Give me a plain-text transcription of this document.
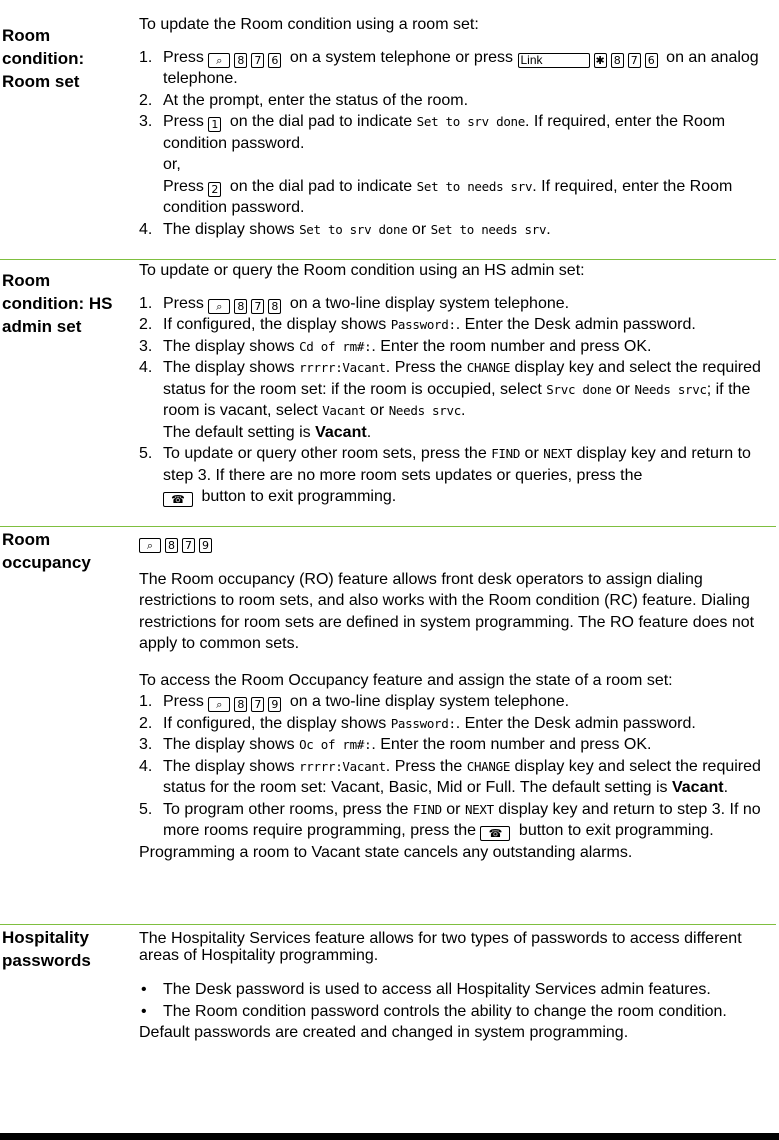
Room condition: Room set

To update the Room condition using a room set:

1. Press ⌕ 8 7 6 on a system telephone or press Link	✱ 8 7 6 on an analog telephone.
2. At the prompt, enter the status of the room.
3. Press 1 on the dial pad to indicate Set to srv done. If required, enter the Room condition password.
or,
Press 2 on the dial pad to indicate Set to needs srv. If required, enter the Room condition password.
4. The display shows Set to srv done or Set to needs srv.
Room condition: HS admin set

To update or query the Room condition using an HS admin set:

1. Press ⌕ 8 7 8 on a two-line display system telephone.
2. If configured, the display shows Password:. Enter the Desk admin password.
3. The display shows Cd of rm#:. Enter the room number and press OK.
4. The display shows rrrrr:Vacant. Press the CHANGE display key and select the required status for the room set: if the room is occupied, select Srvc done or Needs srvc; if the room is vacant, select Vacant or Needs srvc.
The default setting is Vacant.
5. To update or query other room sets, press the FIND or NEXT display key and return to step 3. If there are no more room sets updates or queries, press the
☎ button to exit programming.
Room occupancy
⌕ 8 7 9

The Room occupancy (RO) feature allows front desk operators to assign dialing restrictions to room sets, and also works with the Room condition (RC) feature. Dialing restrictions for room sets are defined in system programming. The RO feature does not apply to common sets.

To access the Room Occupancy feature and assign the state of a room set:

1. Press ⌕ 8 7 9 on a two-line display system telephone.
2. If configured, the display shows Password:. Enter the Desk admin password.
3. The display shows Oc of rm#:. Enter the room number and press OK.
4. The display shows rrrrr:Vacant. Press the CHANGE display key and select the required status for the room set: Vacant, Basic, Mid or Full. The default setting is Vacant.
5. To program other rooms, press the FIND or NEXT display key and return to step 3. If no more rooms require programming, press the ☎ button to exit programming.

Programming a room to Vacant state cancels any outstanding alarms.

Hospitality passwords

The Hospitality Services feature allows for two types of passwords to access different areas of Hospitality programming.

• The Desk password is used to access all Hospitality Services admin features.
• The Room condition password controls the ability to change the room condition.

Default passwords are created and changed in system programming.
